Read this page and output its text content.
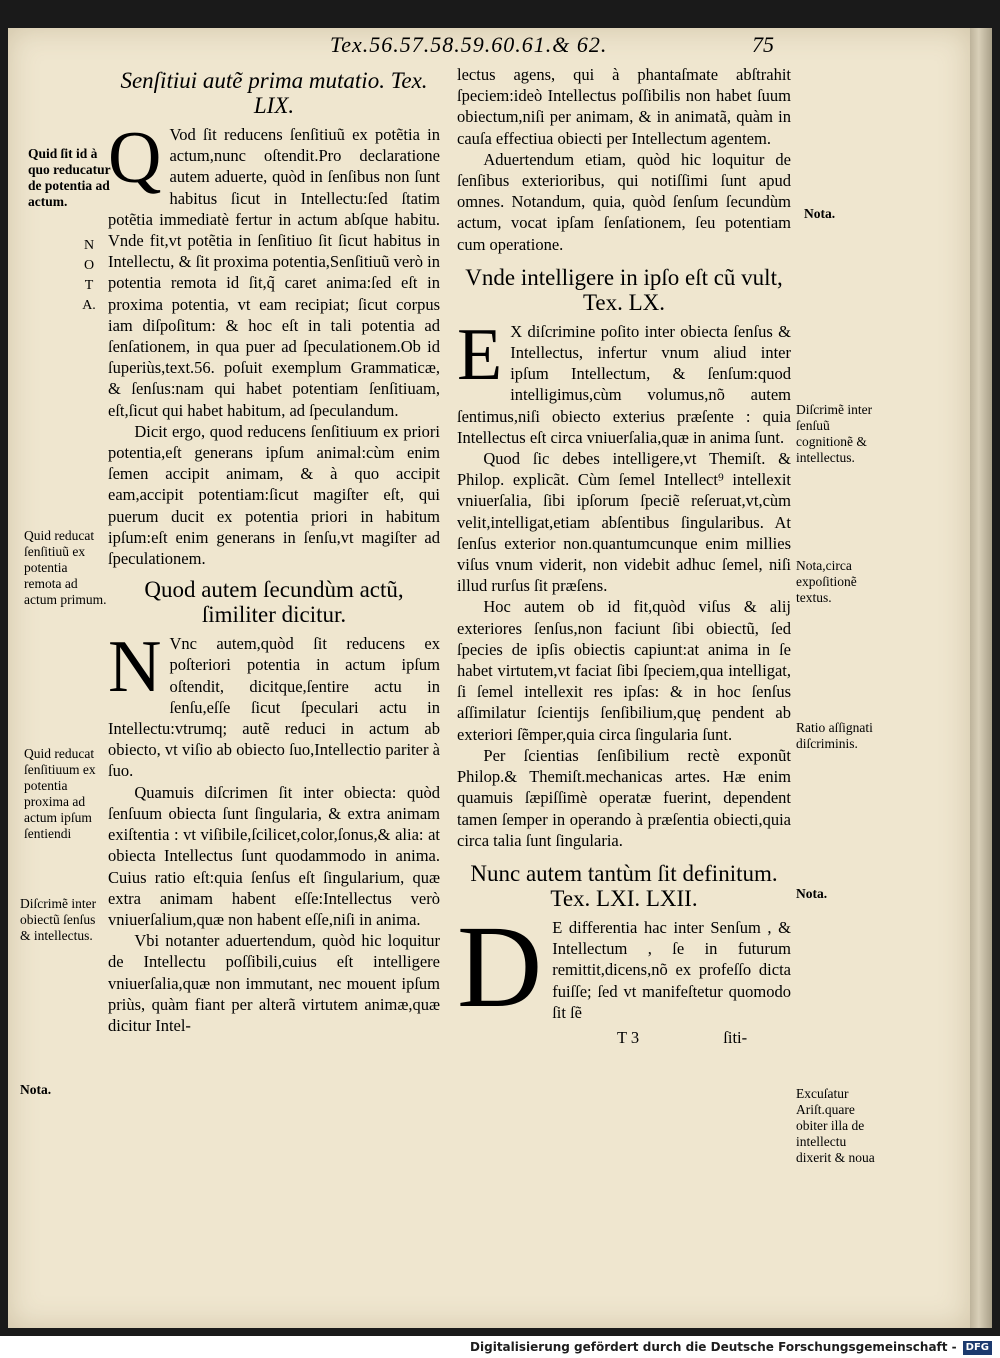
Tex.56.57.58.59.60.61.& 62.	75
Senſitiui autẽ prima mutatio. Tex. LIX.

Q Vod ſit reducens ſenſitiuũ ex potẽtia in actum,nunc oſtendit.Pro declaratione autem aduerte, quòd in ſenſibus non ſunt habitus ſicut in Intellectu:ſed ſtatim potẽtia immediatè fertur in actum abſque habitu. Vnde fit,vt potẽtia in ſenſitiuo ſit ſicut habitus in Intellectu, & ſit proxima potentia,Senſitiuũ verò in potentia remota id ſit,q̃ caret anima:ſed eſt in proxima potentia, vt eam recipiat; ſicut corpus iam diſpoſitum: & hoc eſt in tali potentia ad ſenſationem, in qua puer ad ſpeculationem.Ob id ſuperiùs,text.56. poſuit exemplum Grammaticæ, & ſenſus:nam qui habet potentiam ſenſitiuam, eſt,ſicut qui habet habitum, ad ſpeculandum.

Dicit ergo, quod reducens ſenſitiuum ex priori potentia,eſt generans ipſum animal:cùm enim ſemen accipit animam, & à quo accipit eam,accipit potentiam:ſicut magiſter eſt, qui puerum ducit ex potentia priori in habitum ipſum:eſt enim generans in ſenſu,vt magiſter ad ſpeculationem.

Quod autem ſecundùm actũ, ſimiliter dicitur.

N Vnc autem,quòd ſit reducens ex poſteriori potentia in actum ipſum oſtendit, dicitque,ſentire actu in ſenſu,eſſe ſicut ſpeculari actu in Intellectu:vtrumq; autẽ reduci in actum ab obiecto, vt viſio ab obiecto ſuo,Intellectio pariter à ſuo.

Quamuis diſcrimen ſit inter obiecta: quòd ſenſuum obiecta ſunt ſingularia, & extra animam exiſtentia : vt viſibile,ſcilicet,color,ſonus,& alia: at obiecta Intellectus ſunt quodammodo in anima. Cuius ratio eſt:quia ſenſus eſt ſingularium, quæ extra animam habent eſſe:Intellectus verò vniuerſalium,quæ non habent eſſe,niſi in anima.

Vbi notanter aduertendum, quòd hic loquitur de Intellectu poſſibili,cuius eſt intelligere vniuerſalia,quæ non immutant, nec mouent ipſum priùs, quàm fiant per alterã virtutem animæ,quæ dicitur Intel-

lectus agens, qui à phantaſmate abſtrahit ſpeciem:ideò Intellectus poſſibilis non habet ſuum obiectum,niſi per animam, & in animatã, quàm in cauſa effectiua obiecti per Intellectum agentem.

Aduertendum etiam, quòd hic loquitur de ſenſibus exterioribus, qui notiſſimi ſunt apud omnes. Notandum, quia, quòd ſenſum ſecundùm actum, vocat ipſam ſenſationem, ſeu potentiam cum operatione.

Vnde intelligere in ipſo eſt cũ vult, Tex. LX.

E X diſcrimine poſito inter obiecta ſenſus & Intellectus, infertur vnum aliud inter ipſum Intellectum, & ſenſum:quod intelligimus,cùm volumus,nõ autem ſentimus,niſi obiecto exterius præſente : quia Intellectus eſt circa vniuerſalia,quæ in anima ſunt.

Quod ſic debes intelligere,vt Themiſt. & Philop. explicãt. Cùm ſemel Intellect⁹ intellexit vniuerſalia, ſibi ipſorum ſpeciẽ reſeruat,vt,cùm velit,intelligat,etiam abſentibus ſingularibus. At ſenſus exterior non.quantumcunque enim millies viſus vnum viderit, non videbit adhuc ſemel, niſi illud rurſus ſit præſens.

Hoc autem ob id fit,quòd viſus & alij exteriores ſenſus,non faciunt ſibi obiectũ, ſed ſpecies de ipſis obiectis capiunt:at anima in ſe habet virtutem,vt faciat ſibi ſpeciem,qua intelligat, ſi ſemel intellexit res ipſas: & in hoc ſenſus aſſimilatur ſcientijs ſenſibilium,quę pendent ab exteriori ſẽmper,quia circa ſingularia ſunt.

Per ſcientias ſenſibilium rectè exponũt Philop.& Themiſt.mechanicas artes. Hæ enim quamuis ſæpiſſimè operatæ fuerint, dependent tamen ſemper in operando à præſentia obiecti,quia circa talia ſunt ſingularia.

Nunc autem tantùm ſit definitum. Tex. LXI. LXII.

D E differentia hac inter Senſum , & Intellectum , ſe in futurum remittit,dicens,nõ ex profeſſo dicta fuiſſe; ſed vt manifeſtetur quomodo ſit ſẽ

T 3	ſiti-
Quid ſit id à quo reducatur de potentia ad actum.
N
O
T
A.
Quid reducat ſenſitiuũ ex potentia remota ad actum primum.
Quid reducat ſenſitiuum ex potentia proxima ad actum ipſum ſentiendi
Diſcrimẽ inter obiectũ ſenſus & intellectus.
Nota.
Nota.
Diſcrimẽ inter ſenſuũ cognitionẽ & intellectus.
Nota,circa expoſitionẽ textus.
Ratio aſſignati diſcriminis.
Nota.
Excuſatur Ariſt.quare obiter illa de intellectu dixerit & noua
Digitalisierung gefördert durch die Deutsche Forschungsgemeinschaft - DFG
